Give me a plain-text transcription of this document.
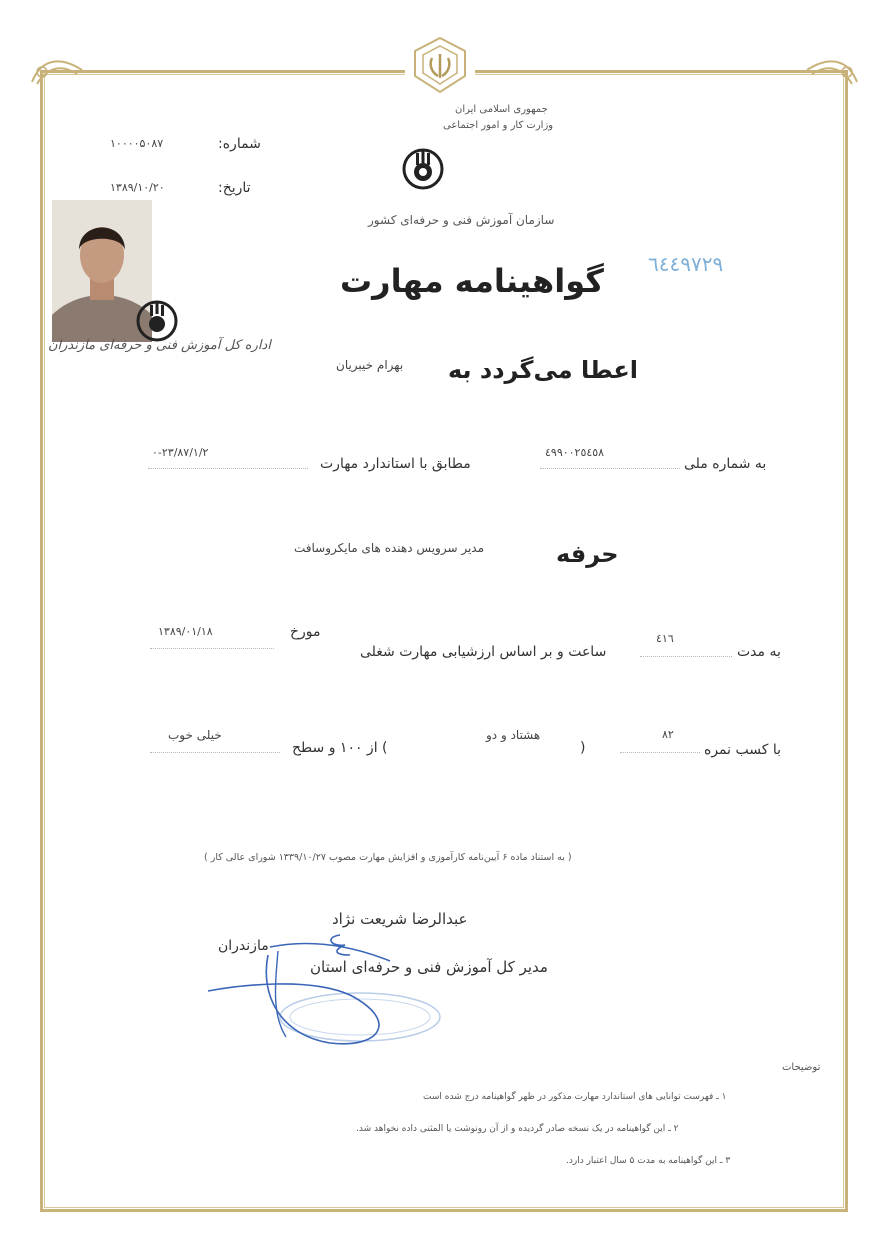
جمهوری اسلامی ایران
وزارت کار و امور اجتماعی
سازمان آموزش فنی و حرفه‌ای کشور
شماره:
۱۰۰۰۰۵۰۸۷
تاریخ:
۱۳۸۹/۱۰/۲۰
٦٤٤٩٧٢٩
اداره کل آموزش فنی و حرفه‌ای مازندران
گواهینامه مهارت
اعطا می‌گردد به
بهرام خیبریان
به شماره ملی
٤٩٩٠٠٢٥٤٥٨
مطابق با استاندارد مهارت
۰-۲۳/۸۷/۱/۲
حرفه
مدیر سرویس دهنده های مایکروسافت
به مدت
٤١٦
ساعت و بر اساس ارزشیابی مهارت شغلی
مورخ
۱۳۸۹/۰۱/۱۸
با کسب نمره
۸۲
(
هشتاد و دو
) از ۱۰۰ و سطح
خیلی خوب
( به استناد ماده ۶ آیین‌نامه کارآموزی و افزایش مهارت مصوب ۱۳۳۹/۱۰/۲۷ شورای عالی کار )
عبدالرضا شریعت نژاد
مدیر کل آموزش فنی و حرفه‌ای استان
مازندران
توضیحات
۱ ـ فهرست توانایی های استاندارد مهارت مذکور در ظهر گواهینامه درج شده است
۲ ـ این گواهینامه در یک نسخه صادر گردیده و از آن رونوشت یا المثنی داده نخواهد شد.
۳ ـ این گواهینامه به مدت ۵ سال اعتبار دارد.
